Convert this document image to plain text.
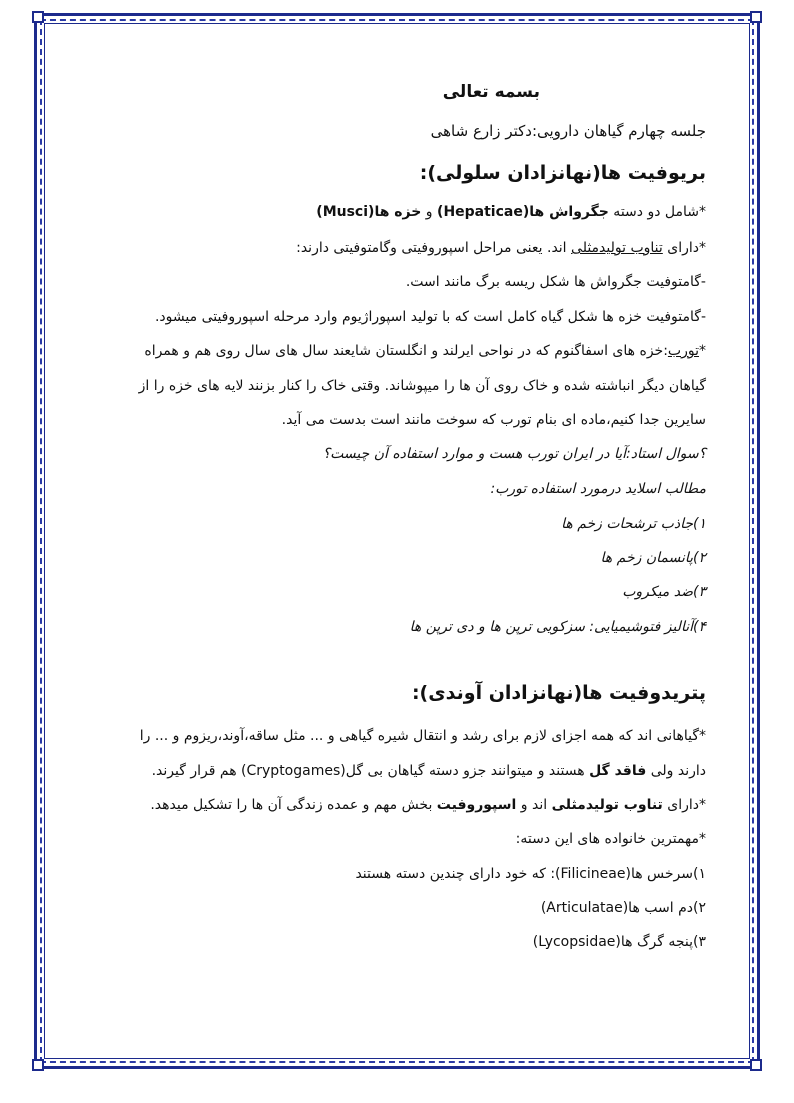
بسمه تعالی
جلسه چهارم گیاهان دارویی:دکتر زارع شاهی
بریوفیت ها(نهانزادان سلولی):
*شامل دو دسته جگرواش ها(Hepaticae) و خزه ها(Musci)
*دارای تناوب تولیدمثلی اند. یعنی مراحل اسپوروفیتی وگامتوفیتی دارند:
-گامتوفیت جگرواش ها شکل ریسه برگ مانند است.
-گامتوفیت خزه ها شکل گیاه کامل است که با تولید اسپوراژیوم وارد مرحله اسپوروفیتی میشود.
*تورب:خزه های اسفاگنوم که در نواحی ایرلند و انگلستان شایعند سال های سال روی هم و همراه
گیاهان دیگر انباشته شده و خاک روی آن ها را میپوشاند. وقتی خاک را کنار بزنند لایه های خزه را از
سایرین جدا کنیم،ماده ای بنام تورب که سوخت مانند است بدست می آید.
؟سوال استاد:آیا در ایران تورب هست و موارد استفاده آن چیست؟
مطالب اسلاید درمورد استفاده تورب:
۱)جاذب ترشحات زخم ها
۲)پانسمان زخم ها
۳)ضد میکروب
۴)آنالیز فتوشیمیایی: سزکویی ترپن ها و دی ترپن ها
پتریدوفیت ها(نهانزادان آوندی):
*گیاهانی اند که همه اجزای لازم برای رشد و انتقال شیره گیاهی و ... مثل ساقه،آوند،ریزوم و ... را
دارند ولی فاقد گل هستند و میتوانند جزو دسته گیاهان بی گل(Cryptogames) هم قرار گیرند.
*دارای تناوب تولیدمثلی اند و اسپوروفیت بخش مهم و عمده زندگی آن ها را تشکیل میدهد.
*مهمترین خانواده های این دسته:
۱)سرخس ها(Filicineae): که خود دارای چندین دسته هستند
۲)دم اسب ها(Articulatae)
۳)پنجه گرگ ها(Lycopsidae)
